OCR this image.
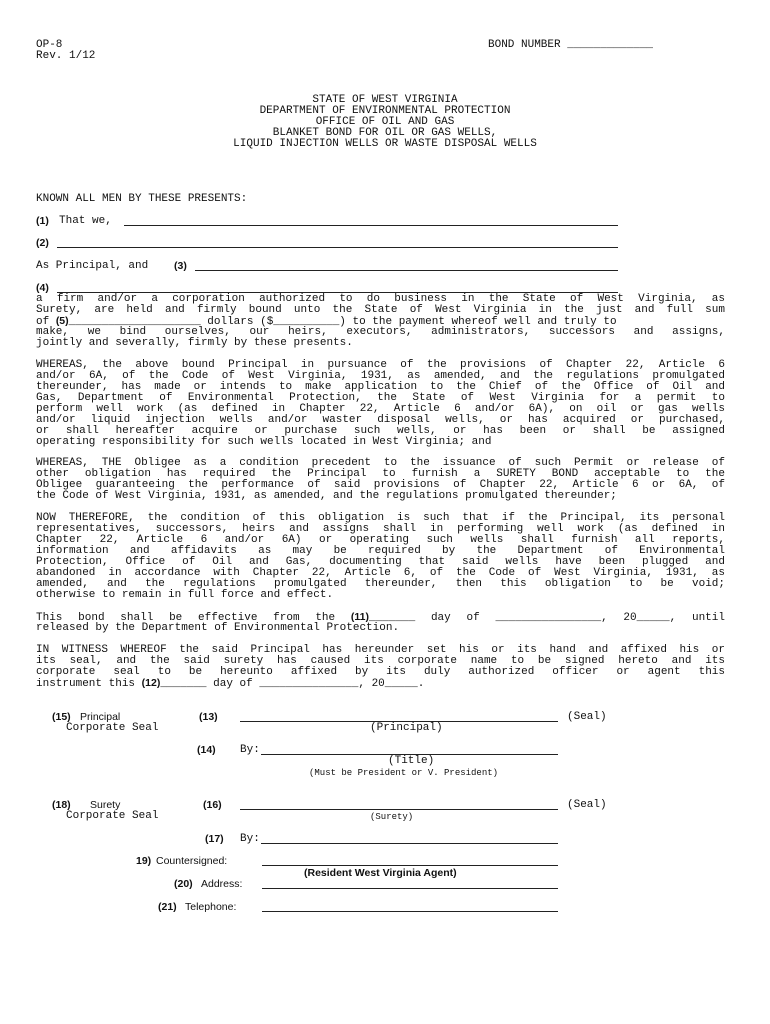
OP-8
Rev. 1/12
BOND NUMBER _____________
STATE OF WEST VIRGINIA
DEPARTMENT OF ENVIRONMENTAL PROTECTION
OFFICE OF OIL AND GAS
BLANKET BOND FOR OIL OR GAS WELLS,
LIQUID INJECTION WELLS OR WASTE DISPOSAL WELLS
KNOWN ALL MEN BY THESE PRESENTS:
(1) That we,
(2)
As Principal, and (3)
(4)
a firm and/or a corporation authorized to do business in the State of West Virginia, as
Surety, are held and firmly bound unto the State of West Virginia in the just and full sum
of (5)____________________ dollars ($__________) to the payment whereof well and truly to
make, we bind ourselves, our heirs, executors, administrators, successors and assigns,
jointly and severally, firmly by these presents.
WHEREAS, the above bound Principal in pursuance of the provisions of Chapter 22, Article 6
and/or 6A, of the Code of West Virginia, 1931, as amended, and the regulations promulgated
thereunder, has made or intends to make application to the Chief of the Office of Oil and
Gas, Department of Environmental Protection, the State of West Virginia for a permit to
perform well work (as defined in Chapter 22, Article 6 and/or 6A), on oil or gas wells
and/or liquid injection wells and/or waster disposal wells, or has acquired or purchased,
or shall hereafter acquire or purchase such wells, or has been or shall be assigned
operating responsibility for such wells located in West Virginia; and
WHEREAS, THE Obligee as a condition precedent to the issuance of such Permit or release of
other obligation has required the Principal to furnish a SURETY BOND acceptable to the
Obligee guaranteeing the performance of said provisions of Chapter 22, Article 6 or 6A, of
the Code of West Virginia, 1931, as amended, and the regulations promulgated thereunder;
NOW THEREFORE, the condition of this obligation is such that if the Principal, its personal
representatives, successors, heirs and assigns shall in performing well work (as defined in
Chapter 22, Article 6 and/or 6A) or operating such wells shall furnish all reports,
information and affidavits as may be required by the Department of Environmental
Protection, Office of Oil and Gas, documenting that said wells have been plugged and
abandoned in accordance with Chapter 22, Article 6, of the Code of West Virginia, 1931, as
amended, and the regulations promulgated thereunder, then this obligation to be void;
otherwise to remain in full force and effect.
This bond shall be effective from the (11)_______ day of ________________, 20_____, until
released by the Department of Environmental Protection.
IN WITNESS WHEREOF the said Principal has hereunder set his or its hand and affixed his or
its seal, and the said surety has caused its corporate name to be signed hereto and its
corporate seal to be hereunto affixed by its duly authorized officer or agent this
instrument this (12)_______ day of _______________, 20_____.
(15) Principal
Corporate Seal
(13)	(Seal)
(Principal)
(14) By:
(Title)
(Must be President or V. President)
(18) Surety
Corporate Seal
(16)	(Seal)
(Surety)
(17) By:
19) Countersigned:
(Resident West Virginia Agent)
(20) Address:
(21) Telephone:
